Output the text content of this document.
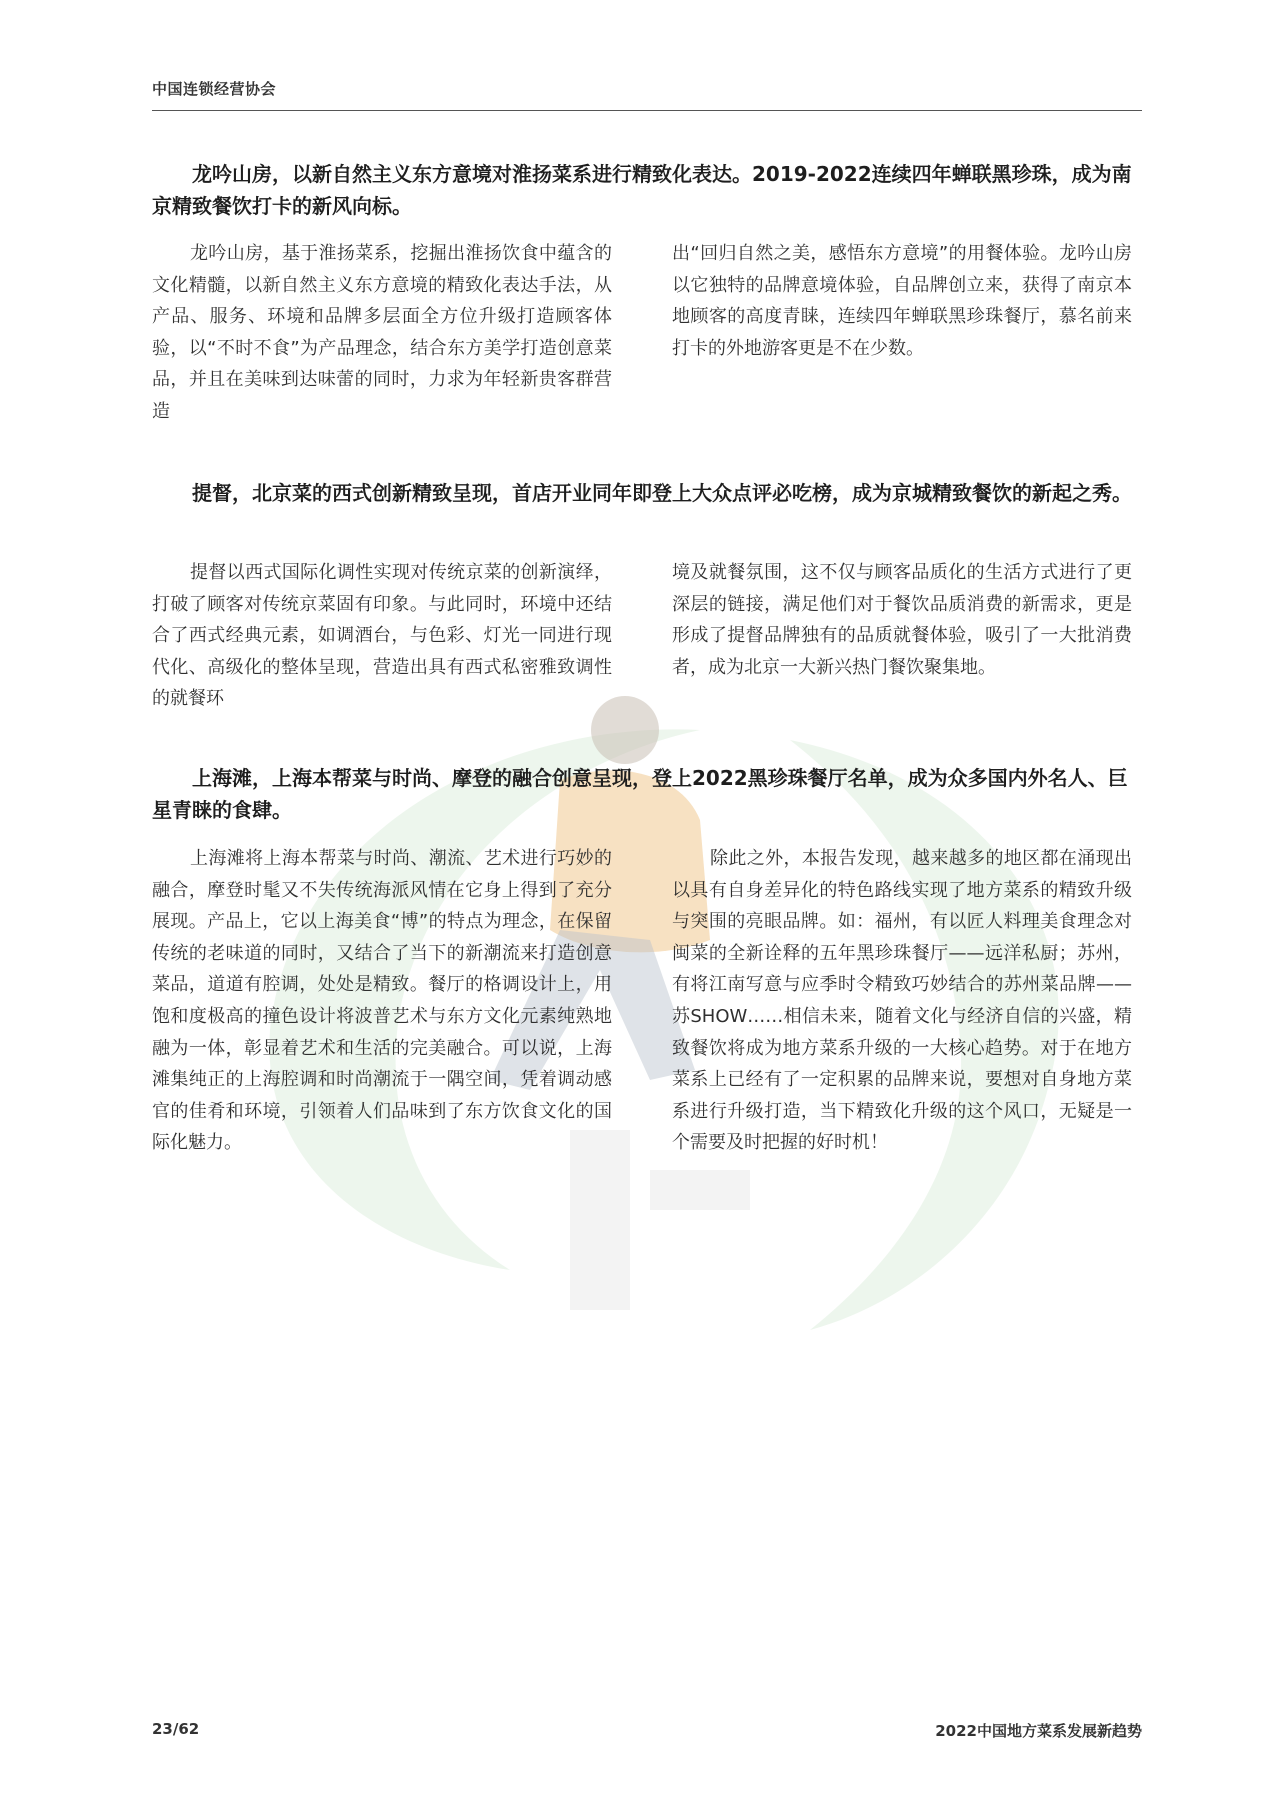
中国连锁经营协会

龙吟山房，以新自然主义东方意境对淮扬菜系进行精致化表达。2019-2022连续四年蝉联黑珍珠，成为南京精致餐饮打卡的新风向标。

龙吟山房，基于淮扬菜系，挖掘出淮扬饮食中蕴含的文化精髓，以新自然主义东方意境的精致化表达手法，从产品、服务、环境和品牌多层面全方位升级打造顾客体验，以“不时不食”为产品理念，结合东方美学打造创意菜品，并且在美味到达味蕾的同时，力求为年轻新贵客群营造

出“回归自然之美，感悟东方意境”的用餐体验。龙吟山房以它独特的品牌意境体验，自品牌创立来，获得了南京本地顾客的高度青睐，连续四年蝉联黑珍珠餐厅，慕名前来打卡的外地游客更是不在少数。

提督，北京菜的西式创新精致呈现，首店开业同年即登上大众点评必吃榜，成为京城精致餐饮的新起之秀。

提督以西式国际化调性实现对传统京菜的创新演绎，打破了顾客对传统京菜固有印象。与此同时，环境中还结合了西式经典元素，如调酒台，与色彩、灯光一同进行现代化、高级化的整体呈现，营造出具有西式私密雅致调性的就餐环

境及就餐氛围，这不仅与顾客品质化的生活方式进行了更深层的链接，满足他们对于餐饮品质消费的新需求，更是形成了提督品牌独有的品质就餐体验，吸引了一大批消费者，成为北京一大新兴热门餐饮聚集地。

上海滩，上海本帮菜与时尚、摩登的融合创意呈现，登上2022黑珍珠餐厅名单，成为众多国内外名人、巨星青睐的食肆。

上海滩将上海本帮菜与时尚、潮流、艺术进行巧妙的融合，摩登时髦又不失传统海派风情在它身上得到了充分展现。产品上，它以上海美食“博”的特点为理念，在保留传统的老味道的同时，又结合了当下的新潮流来打造创意菜品，道道有腔调，处处是精致。餐厅的格调设计上，用饱和度极高的撞色设计将波普艺术与东方文化元素纯熟地融为一体，彰显着艺术和生活的完美融合。可以说，上海滩集纯正的上海腔调和时尚潮流于一隅空间，凭着调动感官的佳肴和环境，引领着人们品味到了东方饮食文化的国际化魅力。

除此之外，本报告发现，越来越多的地区都在涌现出以具有自身差异化的特色路线实现了地方菜系的精致升级与突围的亮眼品牌。如：福州，有以匠人料理美食理念对闽菜的全新诠释的五年黑珍珠餐厅——远洋私厨；苏州，有将江南写意与应季时令精致巧妙结合的苏州菜品牌——苏SHOW……相信未来，随着文化与经济自信的兴盛，精致餐饮将成为地方菜系升级的一大核心趋势。对于在地方菜系上已经有了一定积累的品牌来说，要想对自身地方菜系进行升级打造，当下精致化升级的这个风口，无疑是一个需要及时把握的好时机！

23/62	2022中国地方菜系发展新趋势
